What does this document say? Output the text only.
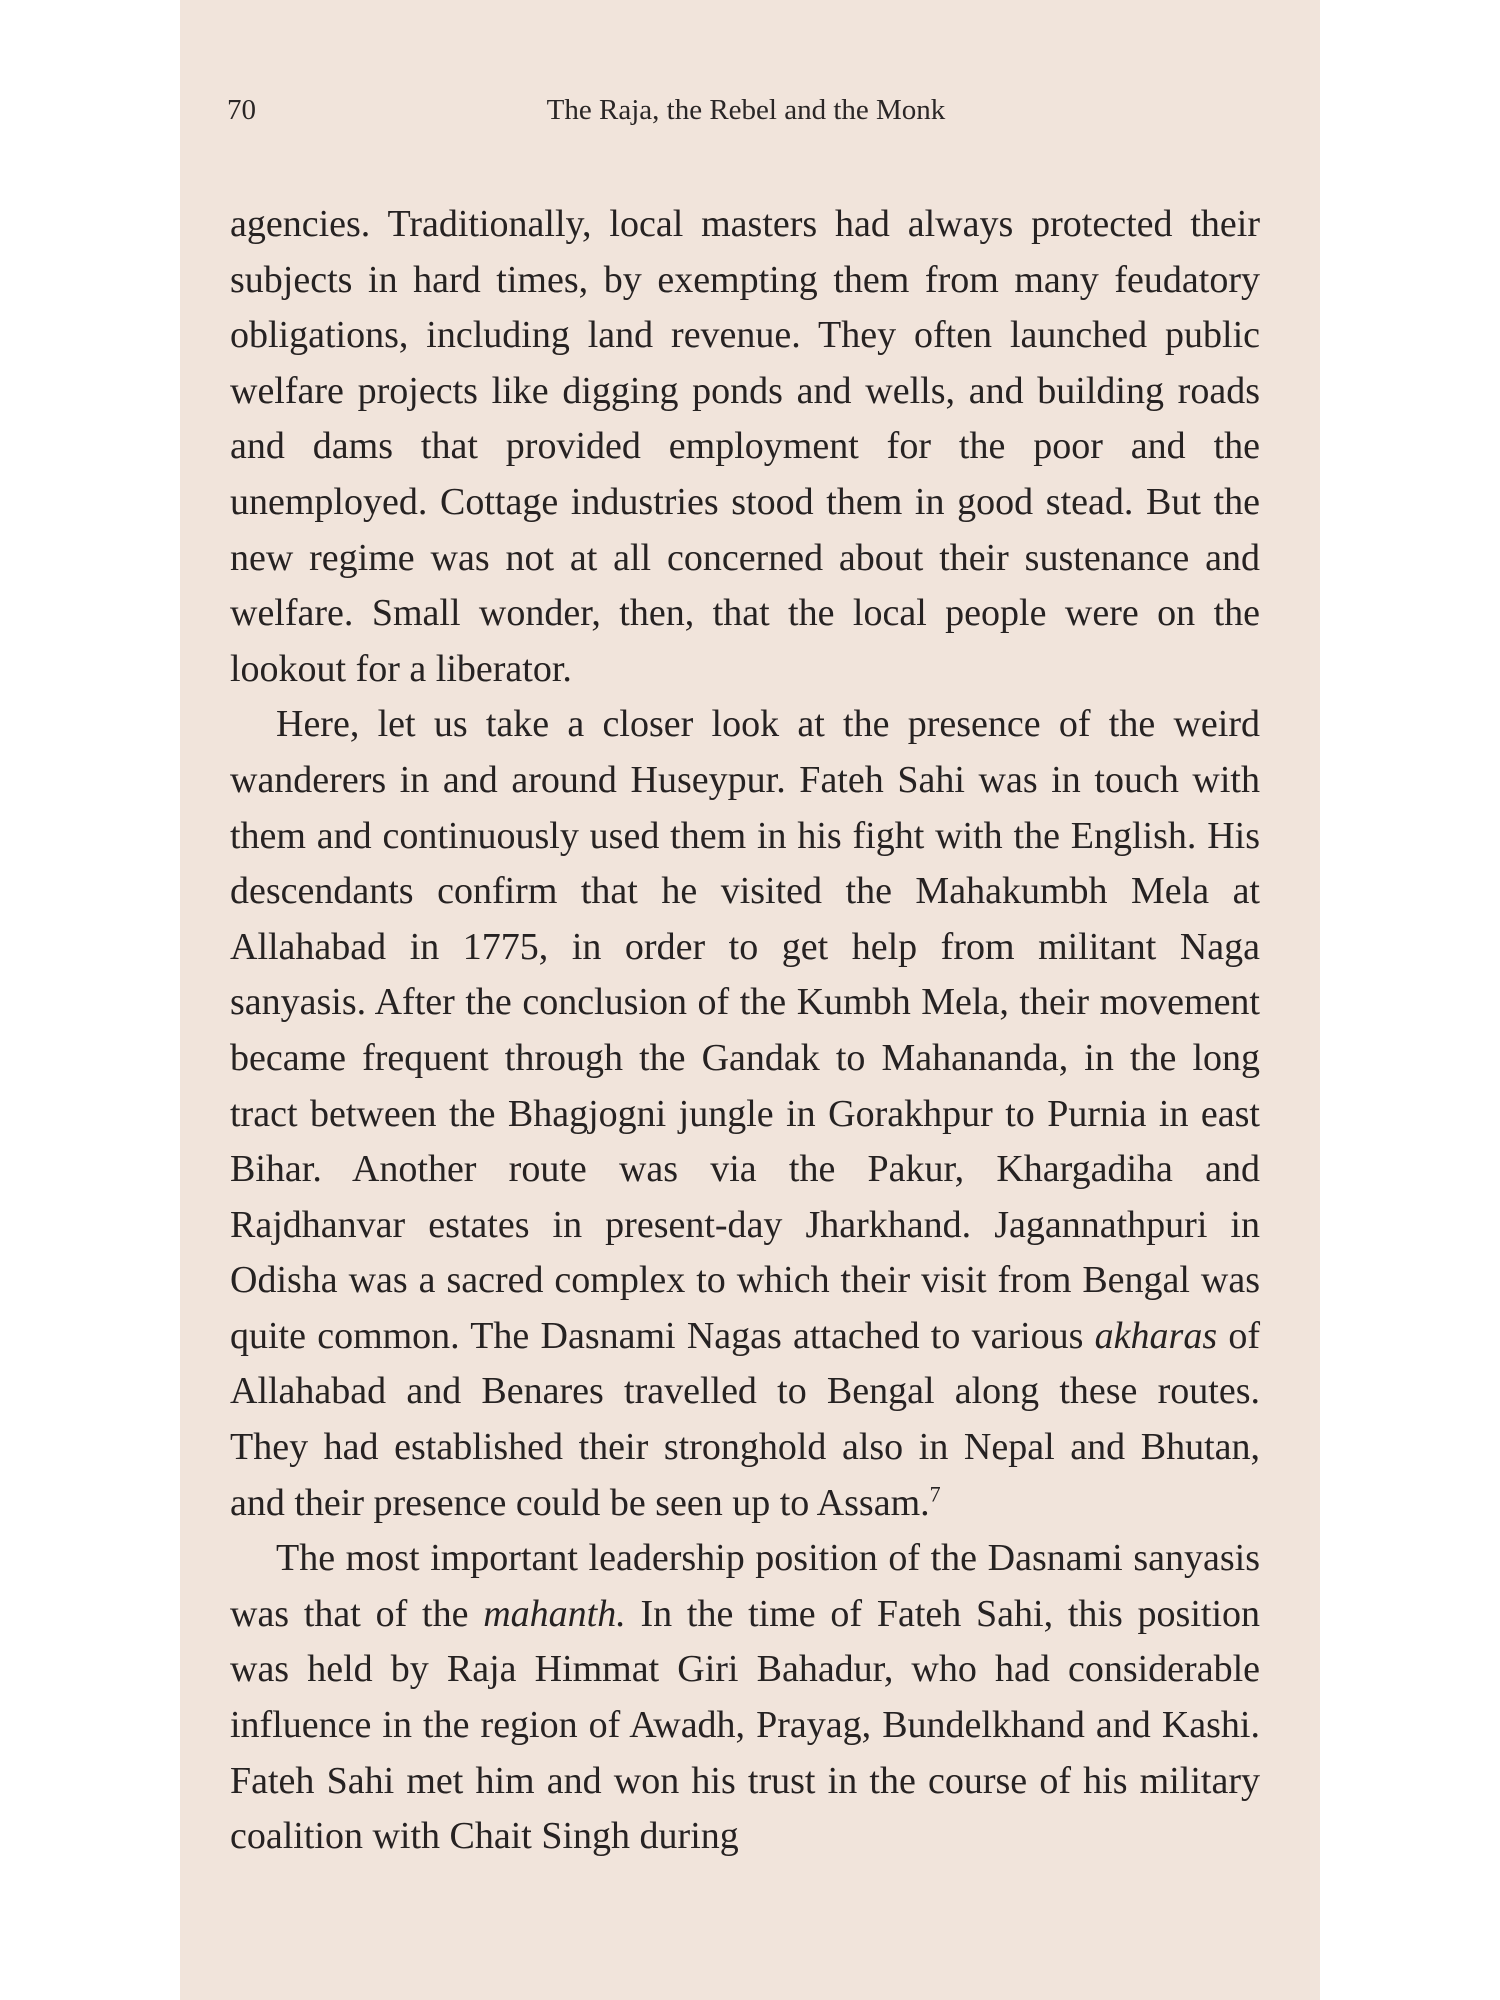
70	The Raja, the Rebel and the Monk

agencies. Traditionally, local masters had always protected their subjects in hard times, by exempting them from many feudatory obligations, including land revenue. They often launched public welfare projects like digging ponds and wells, and building roads and dams that provided employment for the poor and the unemployed. Cottage industries stood them in good stead. But the new regime was not at all concerned about their sustenance and welfare. Small wonder, then, that the local people were on the lookout for a liberator.

Here, let us take a closer look at the presence of the weird wanderers in and around Huseypur. Fateh Sahi was in touch with them and continuously used them in his fight with the English. His descendants confirm that he visited the Mahakumbh Mela at Allahabad in 1775, in order to get help from militant Naga sanyasis. After the conclusion of the Kumbh Mela, their movement became frequent through the Gandak to Mahananda, in the long tract between the Bhagjogni jungle in Gorakhpur to Purnia in east Bihar. Another route was via the Pakur, Khargadiha and Rajdhanvar estates in present-day Jharkhand. Jagannathpuri in Odisha was a sacred complex to which their visit from Bengal was quite common. The Dasnami Nagas attached to various akharas of Allahabad and Benares travelled to Bengal along these routes. They had established their stronghold also in Nepal and Bhutan, and their presence could be seen up to Assam.$^7$

The most important leadership position of the Dasnami sanyasis was that of the mahanth. In the time of Fateh Sahi, this position was held by Raja Himmat Giri Bahadur, who had considerable influence in the region of Awadh, Prayag, Bundelkhand and Kashi. Fateh Sahi met him and won his trust in the course of his military coalition with Chait Singh during
